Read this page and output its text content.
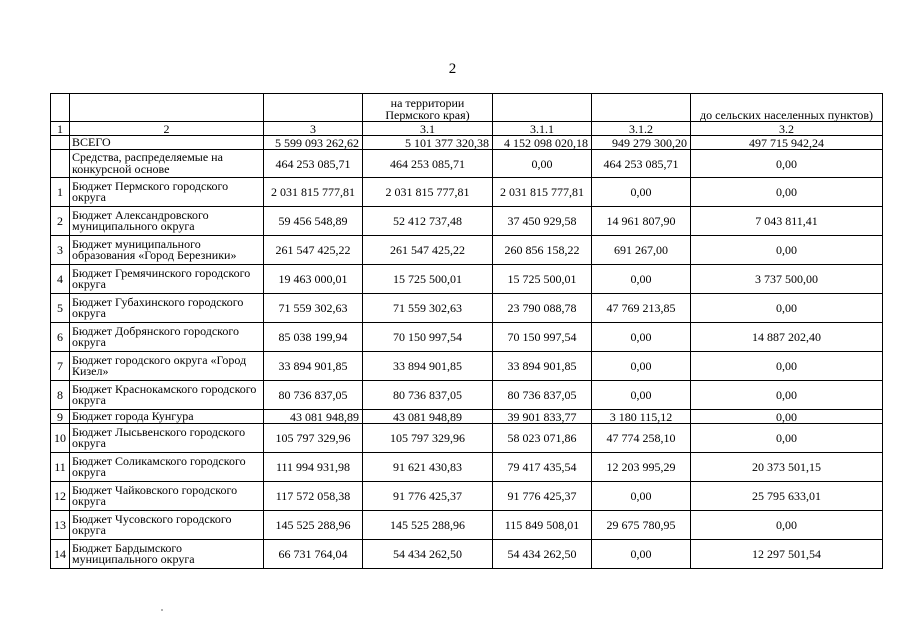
2
			на территории Пермского края)			до сельских населенных пунктов)
1	2	3	3.1	3.1.1	3.1.2	3.2
	ВСЕГО	5 599 093 262,62	5 101 377 320,38	4 152 098 020,18	949 279 300,20	497 715 942,24
	Средства, распределяемые на конкурсной основе	464 253 085,71	464 253 085,71	0,00	464 253 085,71	0,00
1	Бюджет Пермского городского округа	2 031 815 777,81	2 031 815 777,81	2 031 815 777,81	0,00	0,00
2	Бюджет Александровского муниципального округа	59 456 548,89	52 412 737,48	37 450 929,58	14 961 807,90	7 043 811,41
3	Бюджет муниципального образования «Город Березники»	261 547 425,22	261 547 425,22	260 856 158,22	691 267,00	0,00
4	Бюджет Гремячинского городского округа	19 463 000,01	15 725 500,01	15 725 500,01	0,00	3 737 500,00
5	Бюджет Губахинского городского округа	71 559 302,63	71 559 302,63	23 790 088,78	47 769 213,85	0,00
6	Бюджет Добрянского городского округа	85 038 199,94	70 150 997,54	70 150 997,54	0,00	14 887 202,40
7	Бюджет городского округа «Город Кизел»	33 894 901,85	33 894 901,85	33 894 901,85	0,00	0,00
8	Бюджет Краснокамского городского округа	80 736 837,05	80 736 837,05	80 736 837,05	0,00	0,00
9	Бюджет города Кунгура	43 081 948,89	43 081 948,89	39 901 833,77	3 180 115,12	0,00
10	Бюджет Лысьвенского городского округа	105 797 329,96	105 797 329,96	58 023 071,86	47 774 258,10	0,00
11	Бюджет Соликамского городского округа	111 994 931,98	91 621 430,83	79 417 435,54	12 203 995,29	20 373 501,15
12	Бюджет Чайковского городского округа	117 572 058,38	91 776 425,37	91 776 425,37	0,00	25 795 633,01
13	Бюджет Чусовского городского округа	145 525 288,96	145 525 288,96	115 849 508,01	29 675 780,95	0,00
14	Бюджет Бардымского муниципального округа	66 731 764,04	54 434 262,50	54 434 262,50	0,00	12 297 501,54
